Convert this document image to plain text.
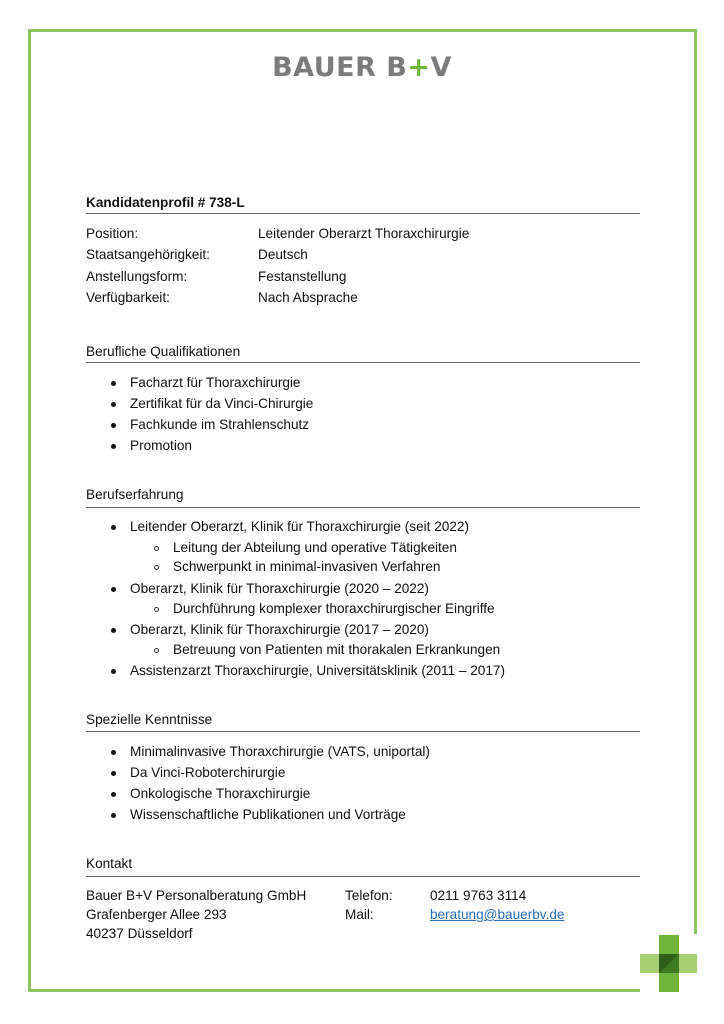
BAUER B+V
Kandidatenprofil # 738-L
Position:	Leitender Oberarzt Thoraxchirurgie
Staatsangehörigkeit:	Deutsch
Anstellungsform:	Festanstellung
Verfügbarkeit:	Nach Absprache
Berufliche Qualifikationen
Facharzt für Thoraxchirurgie
Zertifikat für da Vinci-Chirurgie
Fachkunde im Strahlenschutz
Promotion
Berufserfahrung
Leitender Oberarzt, Klinik für Thoraxchirurgie (seit 2022)
Leitung der Abteilung und operative Tätigkeiten
Schwerpunkt in minimal-invasiven Verfahren
Oberarzt, Klinik für Thoraxchirurgie (2020 – 2022)
Durchführung komplexer thoraxchirurgischer Eingriffe
Oberarzt, Klinik für Thoraxchirurgie (2017 – 2020)
Betreuung von Patienten mit thorakalen Erkrankungen
Assistenzarzt Thoraxchirurgie, Universitätsklinik (2011 – 2017)
Spezielle Kenntnisse
Minimalinvasive Thoraxchirurgie (VATS, uniportal)
Da Vinci-Roboterchirurgie
Onkologische Thoraxchirurgie
Wissenschaftliche Publikationen und Vorträge
Kontakt
Bauer B+V Personalberatung GmbH
Grafenberger Allee 293
40237 Düsseldorf
Telefon:	0211 9763 3114
Mail:	beratung@bauerbv.de
